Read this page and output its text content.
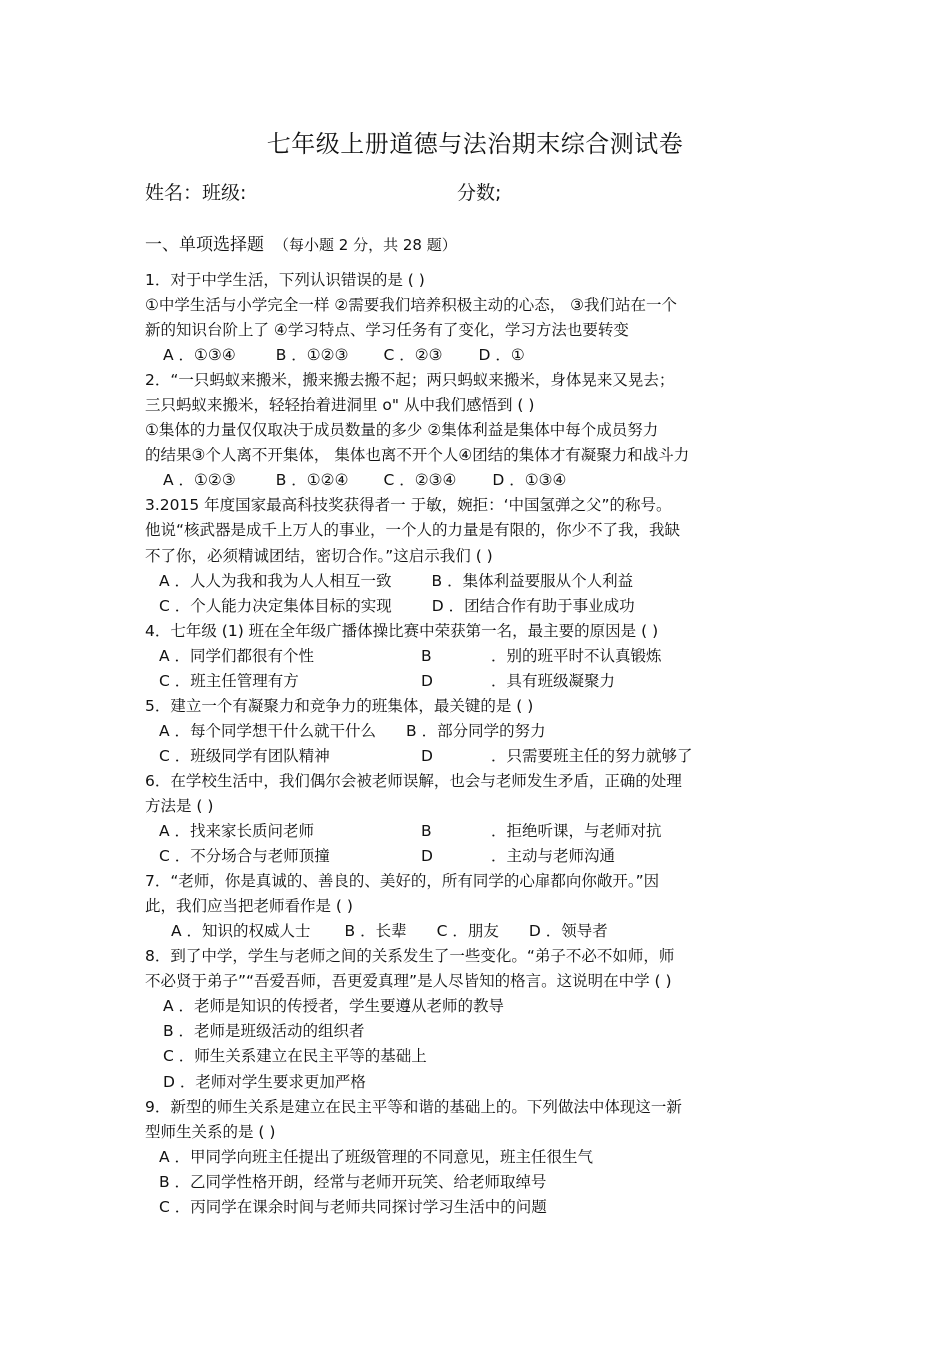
七年级上册道德与法治期末综合测试卷
姓名：班级:	分数;
一、单项选择题 （每小题 2 分，共 28 题）
1．对于中学生活，下列认识错误的是 ( )
①中学生活与小学完全一样 ②需要我们培养积极主动的心态， ③我们站在一个
新的知识台阶上了 ④学习特点、学习任务有了变化，学习方法也要转变
A ．①③④	B ．①②③ C ．②③ D ．①
2．“一只蚂蚁来搬米，搬来搬去搬不起；两只蚂蚁来搬米，身体晃来又晃去；
三只蚂蚁来搬米，轻轻抬着进洞里 o" 从中我们感悟到 ( )
①集体的力量仅仅取决于成员数量的多少 ②集体利益是集体中每个成员努力
的结果③个人离不开集体， 集体也离不开个人④团结的集体才有凝聚力和战斗力
A ．①②③	B ．①②④ C ．②③④ D ．①③④
3.2015 年度国家最高科技奖获得者一 于敏，婉拒：‘中国氢弹之父”的称号。
他说“核武器是成千上万人的事业，一个人的力量是有限的，你少不了我，我缺
不了你，必须精诚团结，密切合作。”这启示我们 ( )
A ．人人为我和我为人人相互一致	B ．集体利益要服从个人利益
C ．个人能力决定集体目标的实现	D ．团结合作有助于事业成功
4．七年级 (1) 班在全年级广播体操比赛中荣获第一名，最主要的原因是 ( )
A ．同学们都很有个性	B	．别的班平时不认真锻炼
C ．班主任管理有方	D	．具有班级凝聚力
5．建立一个有凝聚力和竞争力的班集体，最关键的是 ( )
A ．每个同学想干什么就干什么 B ．部分同学的努力
C ．班级同学有团队精神	D	．只需要班主任的努力就够了
6．在学校生活中，我们偶尔会被老师误解，也会与老师发生矛盾，正确的处理
方法是 ( )
A ．找来家长质问老师	B	．拒绝听课，与老师对抗
C ．不分场合与老师顶撞	D	．主动与老师沟通
7．“老师，你是真诚的、善良的、美好的，所有同学的心扉都向你敞开。”因
此，我们应当把老师看作是 ( )
A ．知识的权威人士 B ．长辈 C ．朋友 D ．领导者
8．到了中学，学生与老师之间的关系发生了一些变化。“弟子不必不如师，师
不必贤于弟子”“吾爱吾师，吾更爱真理”是人尽皆知的格言。这说明在中学 ( )
A ．老师是知识的传授者，学生要遵从老师的教导
B ．老师是班级活动的组织者
C ．师生关系建立在民主平等的基础上
D ．老师对学生要求更加严格
9．新型的师生关系是建立在民主平等和谐的基础上的。下列做法中体现这一新
型师生关系的是 ( )
A ．甲同学向班主任提出了班级管理的不同意见，班主任很生气
B ．乙同学性格开朗，经常与老师开玩笑、给老师取绰号
C ．丙同学在课余时间与老师共同探讨学习生活中的问题
